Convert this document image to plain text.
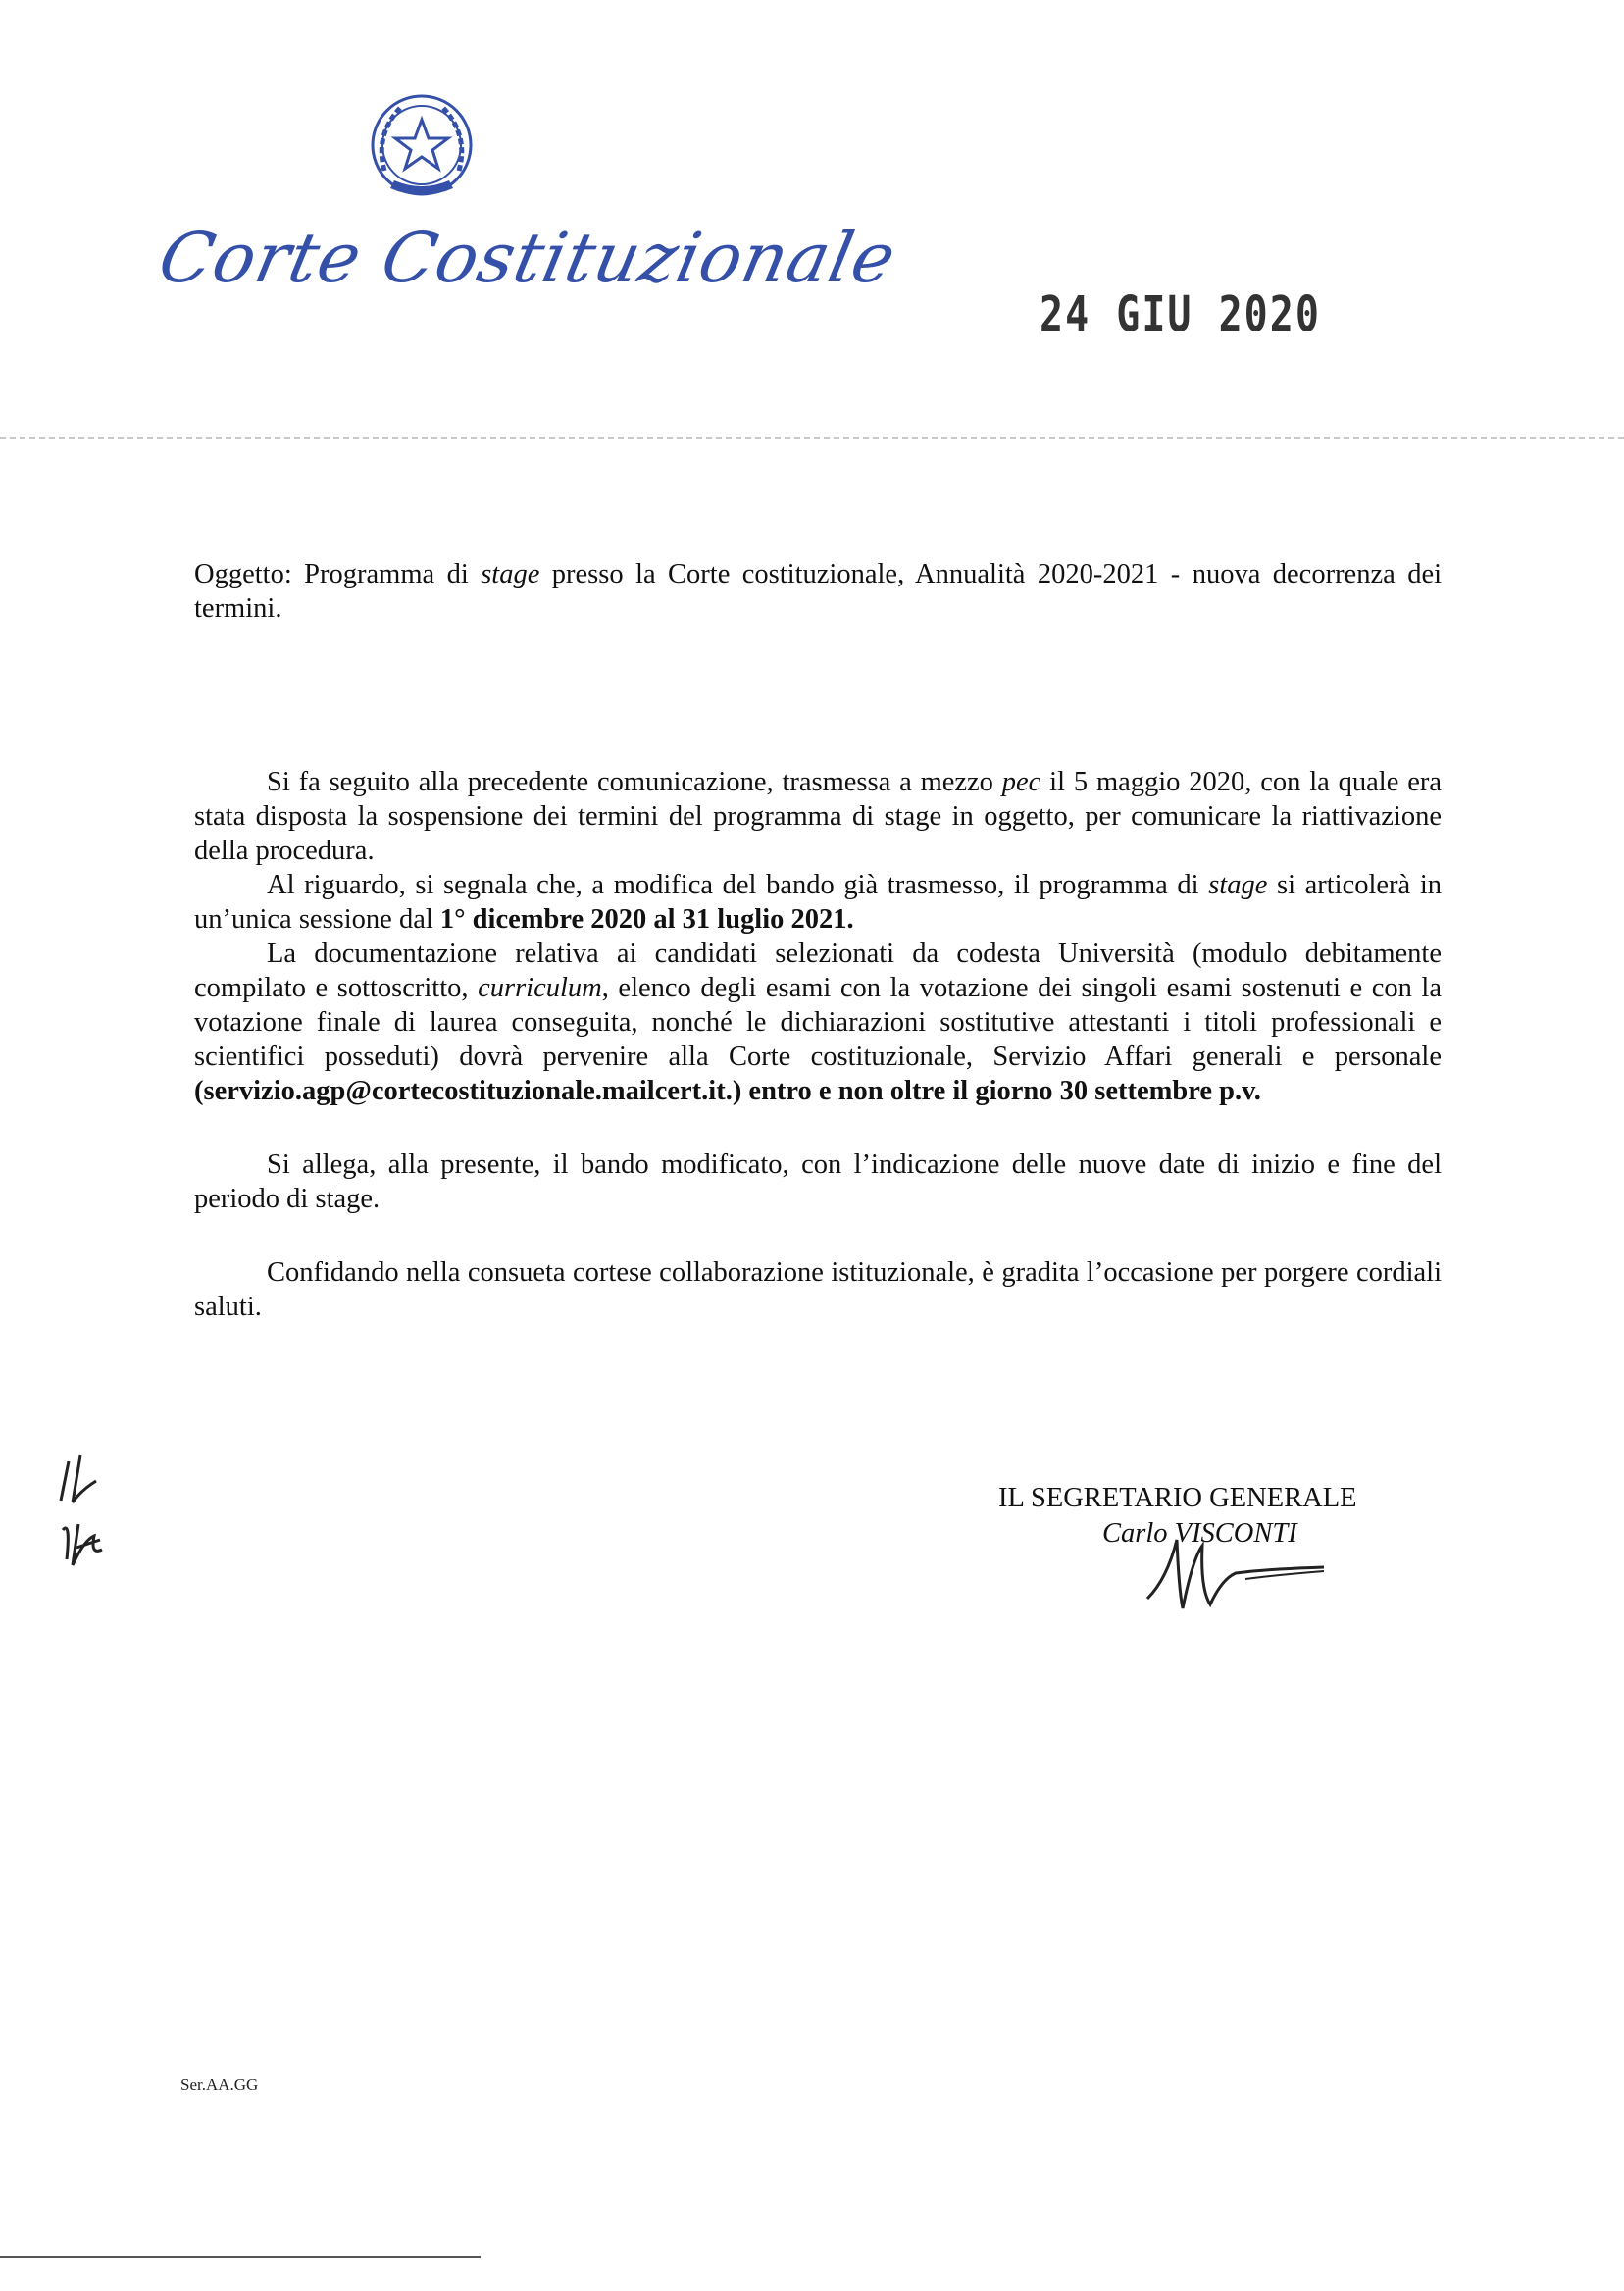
Corte Costituzionale
24 GIU 2020
Oggetto: Programma di stage presso la Corte costituzionale, Annualità 2020-2021 - nuova decorrenza dei termini.

Si fa seguito alla precedente comunicazione, trasmessa a mezzo pec il 5 maggio 2020, con la quale era stata disposta la sospensione dei termini del programma di stage in oggetto, per comunicare la riattivazione della procedura.

Al riguardo, si segnala che, a modifica del bando già trasmesso, il programma di stage si articolerà in un’unica sessione dal 1° dicembre 2020 al 31 luglio 2021.

La documentazione relativa ai candidati selezionati da codesta Università (modulo debitamente compilato e sottoscritto, curriculum, elenco degli esami con la votazione dei singoli esami sostenuti e con la votazione finale di laurea conseguita, nonché le dichiarazioni sostitutive attestanti i titoli professionali e scientifici posseduti) dovrà pervenire alla Corte costituzionale, Servizio Affari generali e personale (servizio.agp@cortecostituzionale.mailcert.it.) entro e non oltre il giorno 30 settembre p.v.

Si allega, alla presente, il bando modificato, con l’indicazione delle nuove date di inizio e fine del periodo di stage.

Confidando nella consueta cortese collaborazione istituzionale, è gradita l’occasione per porgere cordiali saluti.

IL SEGRETARIO GENERALE
Carlo VISCONTI
Ser.AA.GG
